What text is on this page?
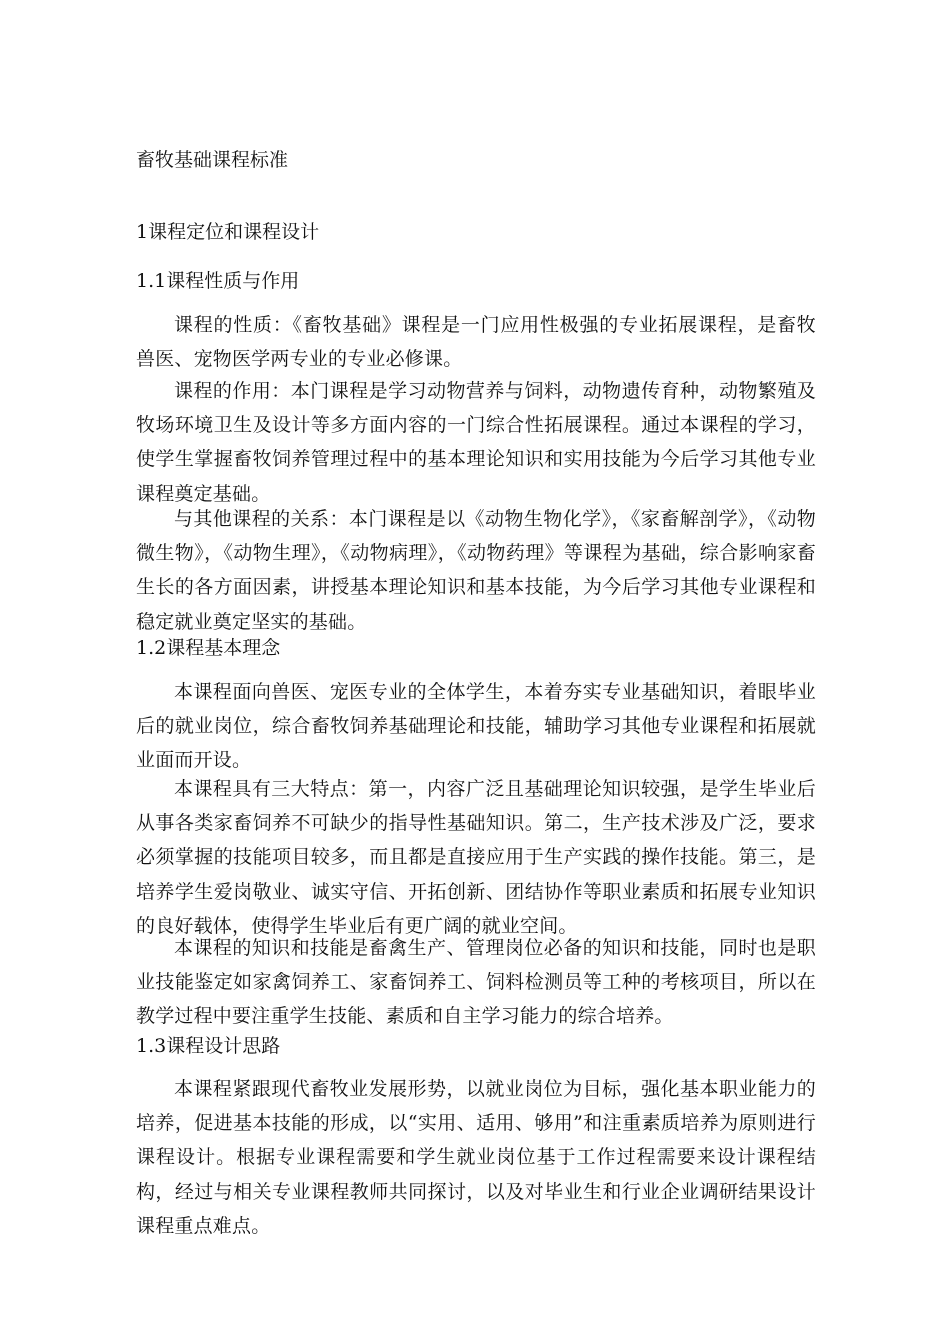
畜牧基础课程标准

1课程定位和课程设计

1.1课程性质与作用

课程的性质：《畜牧基础》课程是一门应用性极强的专业拓展课程，是畜牧兽医、宠物医学两专业的专业必修课。

课程的作用：本门课程是学习动物营养与饲料，动物遗传育种，动物繁殖及牧场环境卫生及设计等多方面内容的一门综合性拓展课程。通过本课程的学习，使学生掌握畜牧饲养管理过程中的基本理论知识和实用技能为今后学习其他专业课程奠定基础。

与其他课程的关系：本门课程是以《动物生物化学》，《家畜解剖学》，《动物微生物》，《动物生理》，《动物病理》，《动物药理》等课程为基础，综合影响家畜生长的各方面因素，讲授基本理论知识和基本技能，为今后学习其他专业课程和稳定就业奠定坚实的基础。

1.2课程基本理念

本课程面向兽医、宠医专业的全体学生，本着夯实专业基础知识，着眼毕业后的就业岗位，综合畜牧饲养基础理论和技能，辅助学习其他专业课程和拓展就业面而开设。

本课程具有三大特点：第一，内容广泛且基础理论知识较强，是学生毕业后从事各类家畜饲养不可缺少的指导性基础知识。第二，生产技术涉及广泛，要求必须掌握的技能项目较多，而且都是直接应用于生产实践的操作技能。第三，是培养学生爱岗敬业、诚实守信、开拓创新、团结协作等职业素质和拓展专业知识的良好载体，使得学生毕业后有更广阔的就业空间。

本课程的知识和技能是畜禽生产、管理岗位必备的知识和技能，同时也是职业技能鉴定如家禽饲养工、家畜饲养工、饲料检测员等工种的考核项目，所以在教学过程中要注重学生技能、素质和自主学习能力的综合培养。

1.3课程设计思路

本课程紧跟现代畜牧业发展形势，以就业岗位为目标，强化基本职业能力的培养，促进基本技能的形成，以“实用、适用、够用”和注重素质培养为原则进行课程设计。根据专业课程需要和学生就业岗位基于工作过程需要来设计课程结构，经过与相关专业课程教师共同探讨，以及对毕业生和行业企业调研结果设计课程重点难点。
